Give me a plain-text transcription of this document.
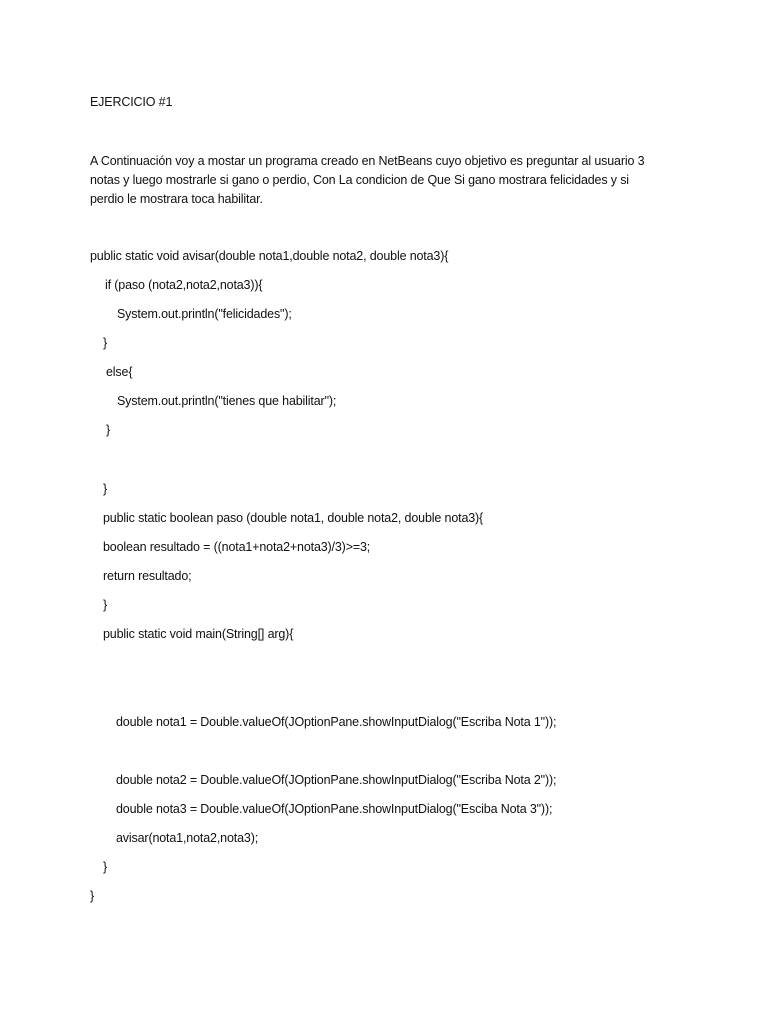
EJERCICIO #1
A Continuación voy a mostar un programa creado en NetBeans cuyo objetivo es preguntar al usuario 3
notas y luego mostrarle si gano o perdio, Con La condicion de Que Si gano mostrara felicidades y si
perdio le mostrara toca habilitar.
public static void avisar(double nota1,double nota2, double nota3){
if (paso (nota2,nota2,nota3)){
System.out.println("felicidades");
}
else{
System.out.println("tienes que habilitar");
}
}
public static boolean paso (double nota1, double nota2, double nota3){
boolean resultado = ((nota1+nota2+nota3)/3)>=3;
return resultado;
}
public static void main(String[] arg){
double nota1 = Double.valueOf(JOptionPane.showInputDialog("Escriba Nota 1"));
double nota2 = Double.valueOf(JOptionPane.showInputDialog("Escriba Nota 2"));
double nota3 = Double.valueOf(JOptionPane.showInputDialog("Esciba Nota 3"));
avisar(nota1,nota2,nota3);
}
}
